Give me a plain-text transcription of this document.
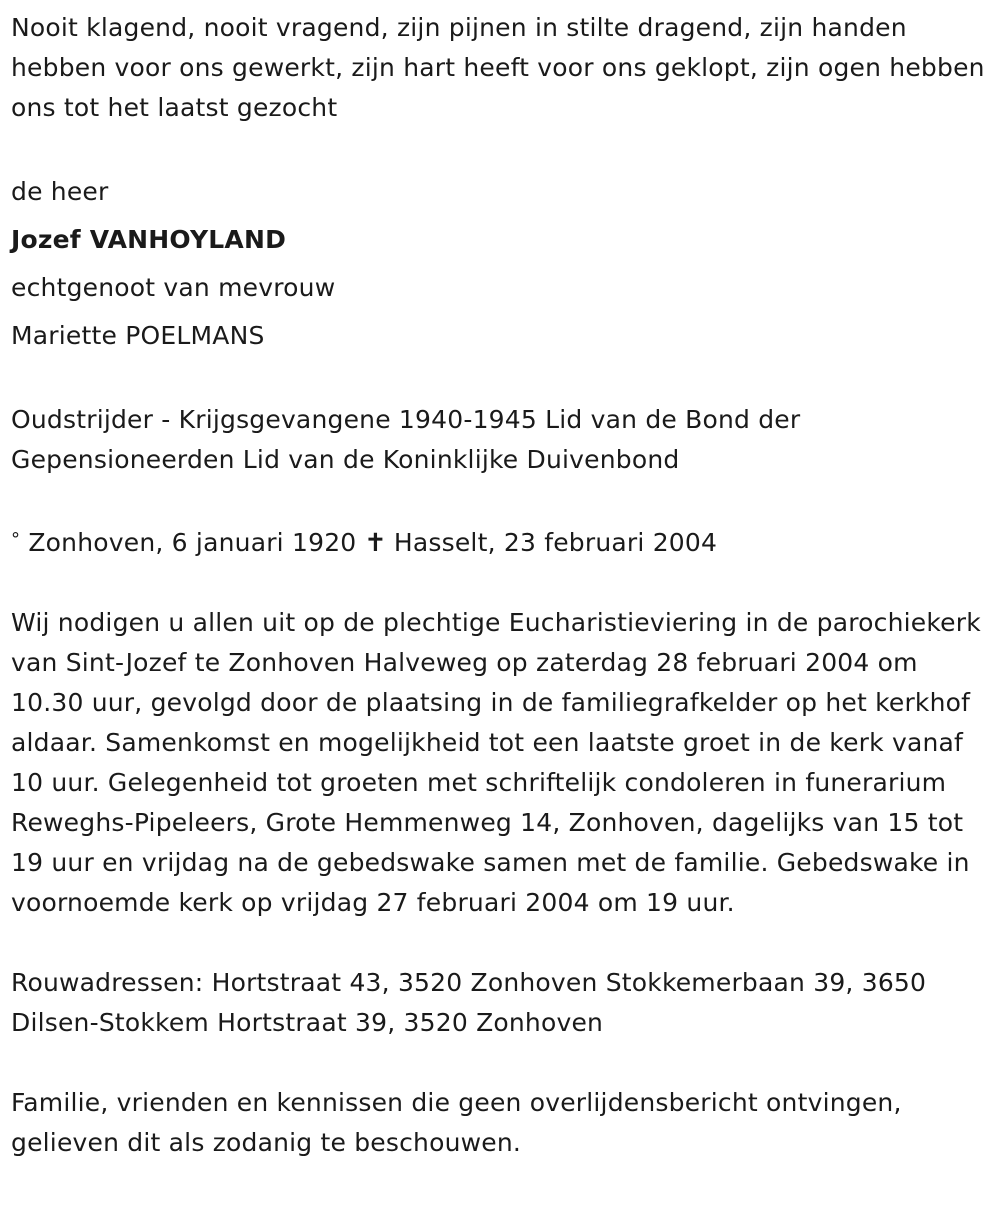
Nooit klagend, nooit vragend, zijn pijnen in stilte dragend, zijn handen hebben voor ons gewerkt, zijn hart heeft voor ons geklopt, zijn ogen hebben ons tot het laatst gezocht

de heer

Jozef VANHOYLAND

echtgenoot van mevrouw

Mariette POELMANS

Oudstrijder - Krijgsgevangene 1940-1945 Lid van de Bond der Gepensioneerden Lid van de Koninklijke Duivenbond

° Zonhoven, 6 januari 1920 ✝ Hasselt, 23 februari 2004

Wij nodigen u allen uit op de plechtige Eucharistieviering in de parochiekerk van Sint-Jozef te Zonhoven Halveweg op zaterdag 28 februari 2004 om 10.30 uur, gevolgd door de plaatsing in de familiegrafkelder op het kerkhof aldaar. Samenkomst en mogelijkheid tot een laatste groet in de kerk vanaf 10 uur. Gelegenheid tot groeten met schriftelijk condoleren in funerarium Reweghs-Pipeleers, Grote Hemmenweg 14, Zonhoven, dagelijks van 15 tot 19 uur en vrijdag na de gebedswake samen met de familie. Gebedswake in voornoemde kerk op vrijdag 27 februari 2004 om 19 uur.

Rouwadressen: Hortstraat 43, 3520 Zonhoven Stokkemerbaan 39, 3650 Dilsen-Stokkem Hortstraat 39, 3520 Zonhoven

Familie, vrienden en kennissen die geen overlijdensbericht ontvingen, gelieven dit als zodanig te beschouwen.
